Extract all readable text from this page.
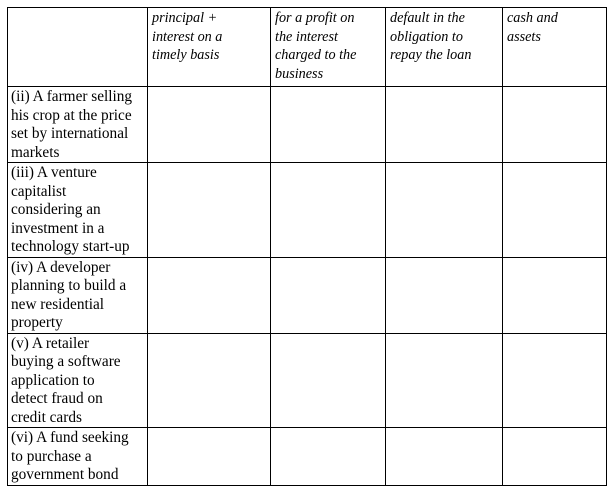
	principal +
interest on a
timely basis	for a profit on
the interest
charged to the
business	default in the
obligation to
repay the loan	cash and
assets

(ii) A farmer selling
his crop at the price
set by international
markets				

(iii) A venture
capitalist
considering an
investment in a
technology start-up				

(iv) A developer
planning to build a
new residential
property				

(v) A retailer
buying a software
application to
detect fraud on
credit cards				

(vi) A fund seeking
to purchase a
government bond				
